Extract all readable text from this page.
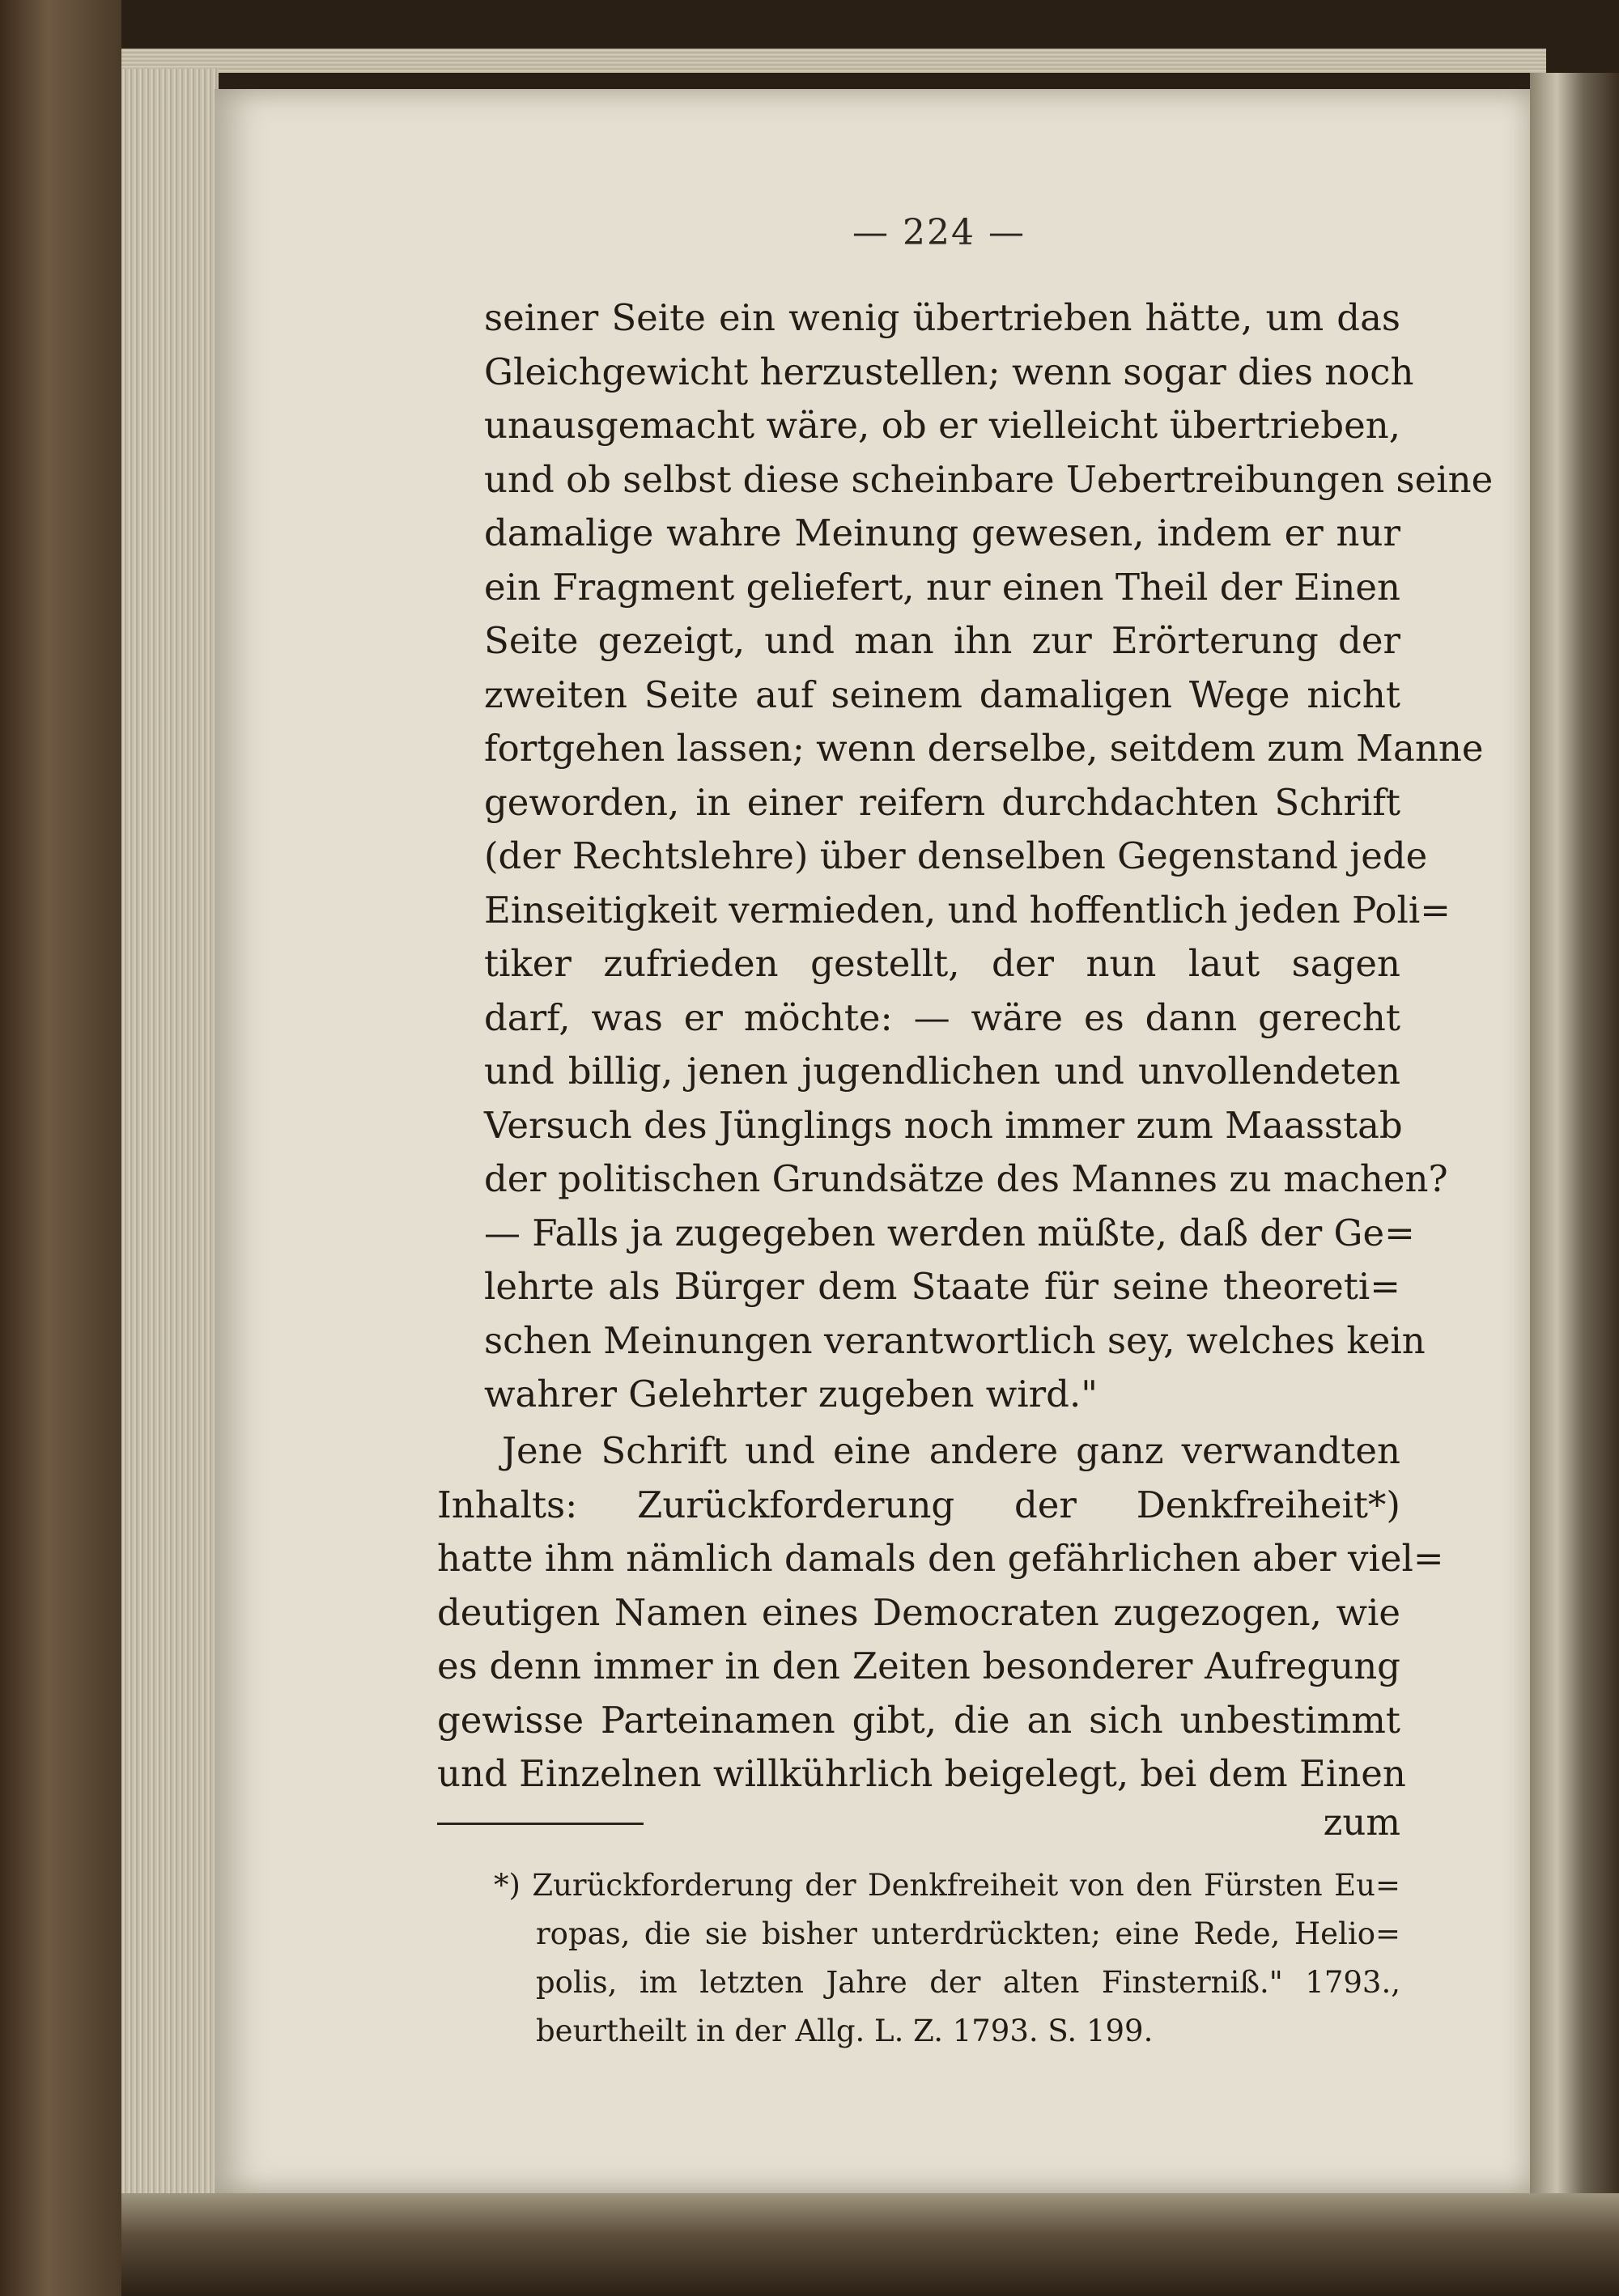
— 224 —
seiner Seite ein wenig übertrieben hätte, um das
Gleichgewicht herzustellen; wenn sogar dies noch
unausgemacht wäre, ob er vielleicht übertrieben,
und ob selbst diese scheinbare Uebertreibungen seine
damalige wahre Meinung gewesen, indem er nur
ein Fragment geliefert, nur einen Theil der Einen
Seite gezeigt, und man ihn zur Erörterung der
zweiten Seite auf seinem damaligen Wege nicht
fortgehen lassen; wenn derselbe, seitdem zum Manne
geworden, in einer reifern durchdachten Schrift
(der Rechtslehre) über denselben Gegenstand jede
Einseitigkeit vermieden, und hoffentlich jeden Poli=
tiker zufrieden gestellt, der nun laut sagen
darf, was er möchte: — wäre es dann gerecht
und billig, jenen jugendlichen und unvollendeten
Versuch des Jünglings noch immer zum Maasstab
der politischen Grundsätze des Mannes zu machen?
— Falls ja zugegeben werden müßte, daß der Ge=
lehrte als Bürger dem Staate für seine theoreti=
schen Meinungen verantwortlich sey, welches kein
wahrer Gelehrter zugeben wird."
Jene Schrift und eine andere ganz verwandten
Inhalts: Zurückforderung der Denkfreiheit*)
hatte ihm nämlich damals den gefährlichen aber viel=
deutigen Namen eines Democraten zugezogen, wie
es denn immer in den Zeiten besonderer Aufregung
gewisse Parteinamen gibt, die an sich unbestimmt
und Einzelnen willkührlich beigelegt, bei dem Einen
zum
*) Zurückforderung der Denkfreiheit von den Fürsten Eu=
ropas, die sie bisher unterdrückten; eine Rede, Helio=
polis, im letzten Jahre der alten Finsterniß." 1793.,
beurtheilt in der Allg. L. Z. 1793. S. 199.
